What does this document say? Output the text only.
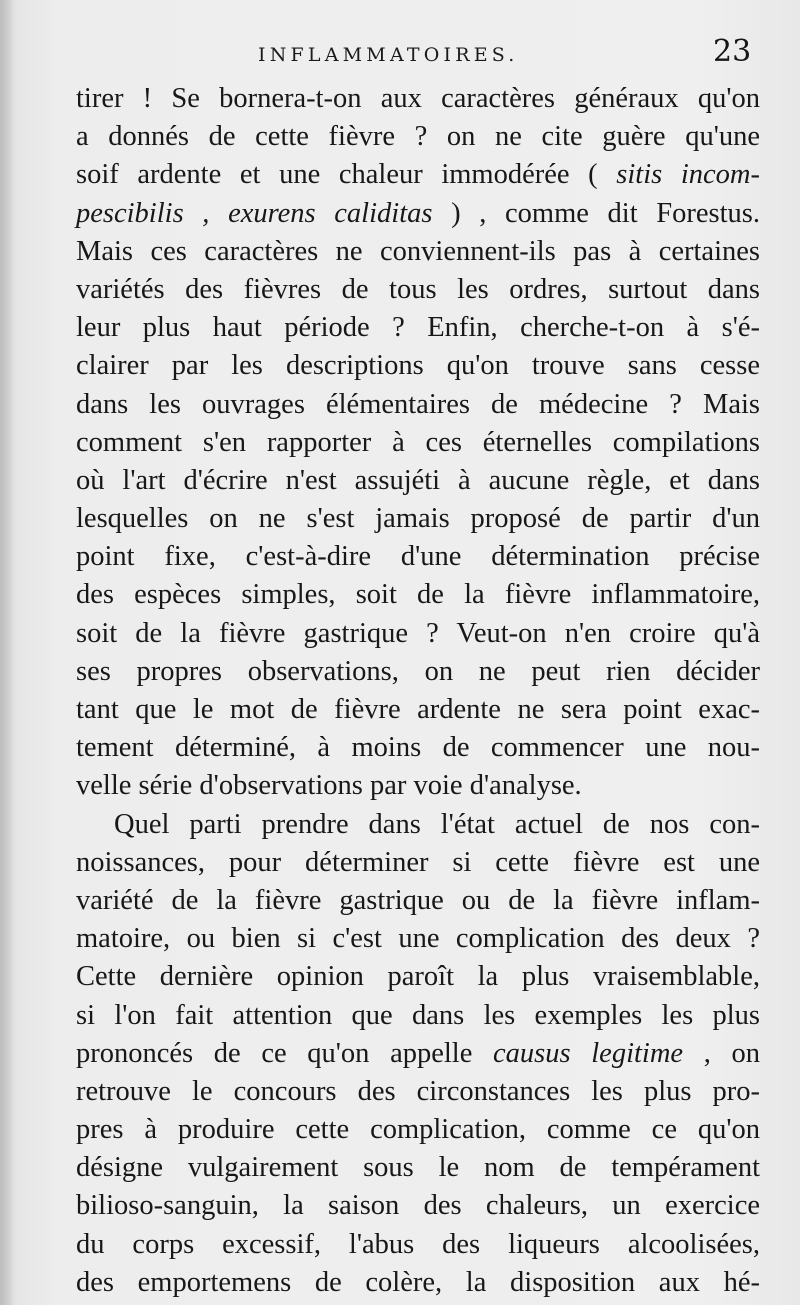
INFLAMMATOIRES.	23
tirer ! Se bornera-t-on aux caractères généraux qu'on
a donnés de cette fièvre ? on ne cite guère qu'une
soif ardente et une chaleur immodérée ( sitis incom-
pescibilis , exurens caliditas ) , comme dit Forestus.
Mais ces caractères ne conviennent-ils pas à certaines
variétés des fièvres de tous les ordres, surtout dans
leur plus haut période ? Enfin, cherche-t-on à s'é-
clairer par les descriptions qu'on trouve sans cesse
dans les ouvrages élémentaires de médecine ? Mais
comment s'en rapporter à ces éternelles compilations
où l'art d'écrire n'est assujéti à aucune règle, et dans
lesquelles on ne s'est jamais proposé de partir d'un
point fixe, c'est-à-dire d'une détermination précise
des espèces simples, soit de la fièvre inflammatoire,
soit de la fièvre gastrique ? Veut-on n'en croire qu'à
ses propres observations, on ne peut rien décider
tant que le mot de fièvre ardente ne sera point exac-
tement déterminé, à moins de commencer une nou-
velle série d'observations par voie d'analyse.
Quel parti prendre dans l'état actuel de nos con-
noissances, pour déterminer si cette fièvre est une
variété de la fièvre gastrique ou de la fièvre inflam-
matoire, ou bien si c'est une complication des deux ?
Cette dernière opinion paroît la plus vraisemblable,
si l'on fait attention que dans les exemples les plus
prononcés de ce qu'on appelle causus legitime , on
retrouve le concours des circonstances les plus pro-
pres à produire cette complication, comme ce qu'on
désigne vulgairement sous le nom de tempérament
bilioso-sanguin, la saison des chaleurs, un exercice
du corps excessif, l'abus des liqueurs alcoolisées,
des emportemens de colère, la disposition aux hé-
